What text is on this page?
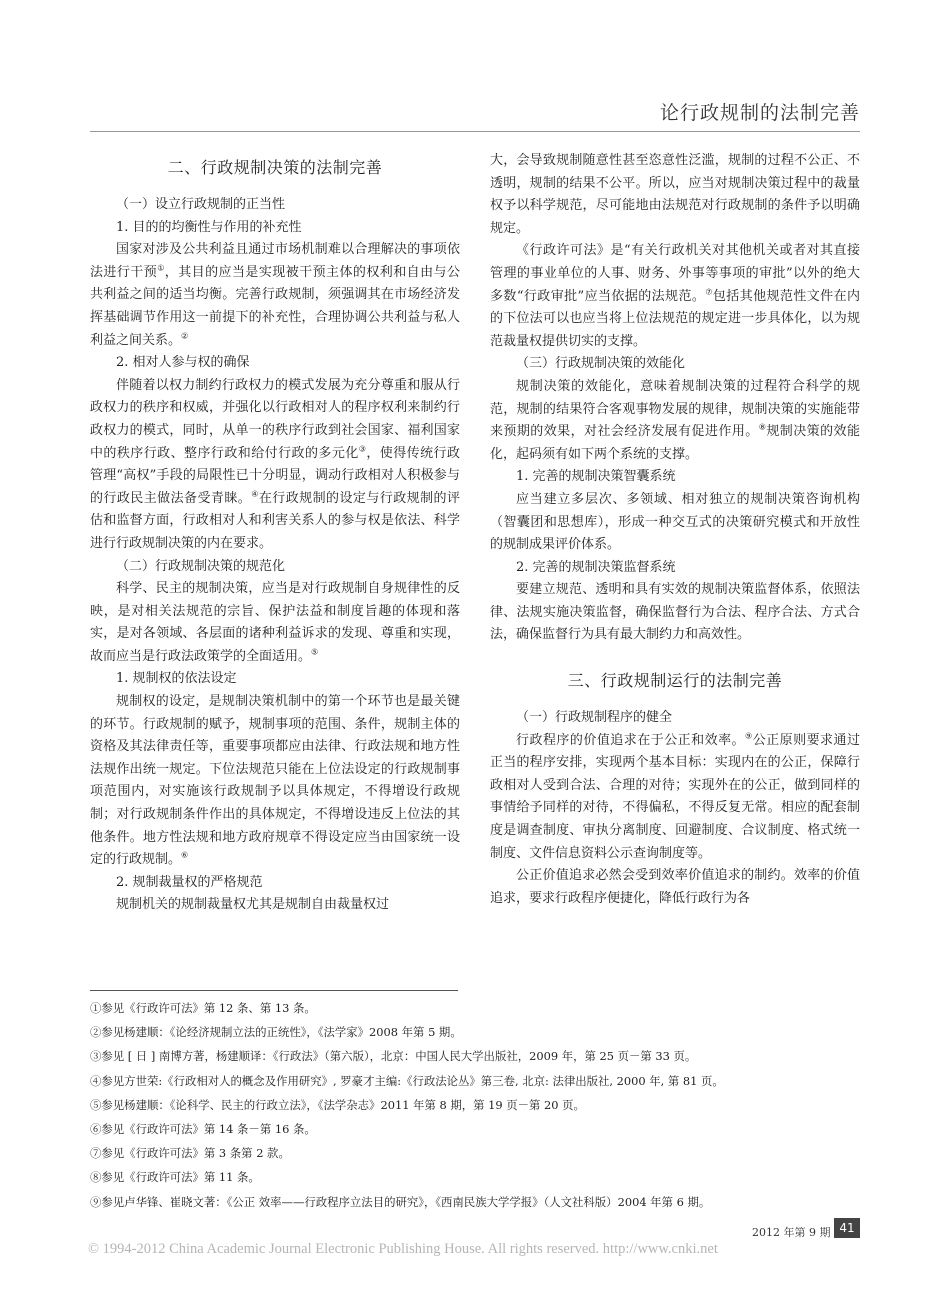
论行政规制的法制完善

二、行政规制决策的法制完善

（一）设立行政规制的正当性

1. 目的的均衡性与作用的补充性

国家对涉及公共利益且通过市场机制难以合理解决的事项依法进行干预①，其目的应当是实现被干预主体的权利和自由与公共利益之间的适当均衡。完善行政规制，须强调其在市场经济发挥基础调节作用这一前提下的补充性，合理协调公共利益与私人利益之间关系。②

2. 相对人参与权的确保

伴随着以权力制约行政权力的模式发展为充分尊重和服从行政权力的秩序和权威，并强化以行政相对人的程序权利来制约行政权力的模式，同时，从单一的秩序行政到社会国家、福利国家中的秩序行政、整序行政和给付行政的多元化③，使得传统行政管理“高权”手段的局限性已十分明显，调动行政相对人积极参与的行政民主做法备受青睐。④在行政规制的设定与行政规制的评估和监督方面，行政相对人和利害关系人的参与权是依法、科学进行行政规制决策的内在要求。

（二）行政规制决策的规范化

科学、民主的规制决策，应当是对行政规制自身规律性的反映，是对相关法规范的宗旨、保护法益和制度旨趣的体现和落实，是对各领域、各层面的诸种利益诉求的发现、尊重和实现，故而应当是行政法政策学的全面适用。⑤

1. 规制权的依法设定

规制权的设定，是规制决策机制中的第一个环节也是最关键的环节。行政规制的赋予，规制事项的范围、条件，规制主体的资格及其法律责任等，重要事项都应由法律、行政法规和地方性法规作出统一规定。下位法规范只能在上位法设定的行政规制事项范围内，对实施该行政规制予以具体规定，不得增设行政规制；对行政规制条件作出的具体规定，不得增设违反上位法的其他条件。地方性法规和地方政府规章不得设定应当由国家统一设定的行政规制。⑥

2. 规制裁量权的严格规范

规制机关的规制裁量权尤其是规制自由裁量权过

大，会导致规制随意性甚至恣意性泛滥，规制的过程不公正、不透明，规制的结果不公平。所以，应当对规制决策过程中的裁量权予以科学规范，尽可能地由法规范对行政规制的条件予以明确规定。

《行政许可法》是“有关行政机关对其他机关或者对其直接管理的事业单位的人事、财务、外事等事项的审批”以外的绝大多数“行政审批”应当依据的法规范。⑦包括其他规范性文件在内的下位法可以也应当将上位法规范的规定进一步具体化，以为规范裁量权提供切实的支撑。

（三）行政规制决策的效能化

规制决策的效能化，意味着规制决策的过程符合科学的规范，规制的结果符合客观事物发展的规律，规制决策的实施能带来预期的效果，对社会经济发展有促进作用。⑧规制决策的效能化，起码须有如下两个系统的支撑。

1. 完善的规制决策智囊系统

应当建立多层次、多领域、相对独立的规制决策咨询机构（智囊团和思想库），形成一种交互式的决策研究模式和开放性的规制成果评价体系。

2. 完善的规制决策监督系统

要建立规范、透明和具有实效的规制决策监督体系，依照法律、法规实施决策监督，确保监督行为合法、程序合法、方式合法，确保监督行为具有最大制约力和高效性。

三、行政规制运行的法制完善

（一）行政规制程序的健全

行政程序的价值追求在于公正和效率。⑨公正原则要求通过正当的程序安排，实现两个基本目标：实现内在的公正，保障行政相对人受到合法、合理的对待；实现外在的公正，做到同样的事情给予同样的对待，不得偏私，不得反复无常。相应的配套制度是调查制度、审执分离制度、回避制度、合议制度、格式统一制度、文件信息资料公示查询制度等。

公正价值追求必然会受到效率价值追求的制约。效率的价值追求，要求行政程序便捷化，降低行政行为各

①参见《行政许可法》第 12 条、第 13 条。
②参见杨建顺：《论经济规制立法的正统性》，《法学家》2008 年第 5 期。
③参见 [ 日 ] 南博方著，杨建顺译：《行政法》（第六版），北京：中国人民大学出版社，2009 年，第 25 页－第 33 页。
④参见方世荣:《行政相对人的概念及作用研究》, 罗豪才主编:《行政法论丛》第三卷, 北京: 法律出版社, 2000 年, 第 81 页。
⑤参见杨建顺：《论科学、民主的行政立法》，《法学杂志》2011 年第 8 期，第 19 页－第 20 页。
⑥参见《行政许可法》第 14 条－第 16 条。
⑦参见《行政许可法》第 3 条第 2 款。
⑧参见《行政许可法》第 11 条。
⑨参见卢华锋、崔晓文著：《公正 效率——行政程序立法目的研究》，《西南民族大学学报》（人文社科版）2004 年第 6 期。
2012 年第 9 期 41
© 1994-2012 China Academic Journal Electronic Publishing House. All rights reserved. http://www.cnki.net
